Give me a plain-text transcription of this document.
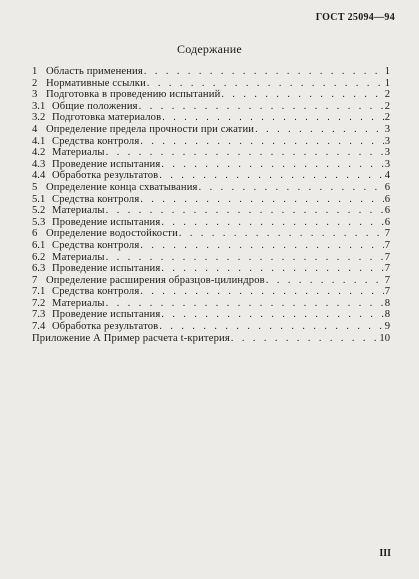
ГОСТ 25094—94
Содержание
1 Область применения . . .	1
2 Нормативные ссылки . . .	1
3 Подготовка в проведению испытаний . . .	2
3.1 Общие положения . . .	2
3.2 Подготовка материалов . . .	2
4 Определение предела прочности при сжатии . . .	3
4.1 Средства контроля . . .	3
4.2 Материалы . . .	3
4.3 Проведение испытания . . .	3
4.4 Обработка результатов . . .	4
5 Определение конца схватывания . . .	6
5.1 Средства контроля . . .	6
5.2 Материалы . . .	6
5.3 Проведение испытания . . .	6
6 Определение водостойкости . . .	7
6.1 Средства контроля . . .	7
6.2 Материалы . . .	7
6.3 Проведение испытания . . .	7
7 Определение расширения образцов-цилиндров . . .	7
7.1 Средства контроля . . .	7
7.2 Материалы . . .	8
7.3 Проведение испытания . . .	8
7.4 Обработка результатов . . .	9
Приложение А Пример расчета t-критерия . . .	10
III
